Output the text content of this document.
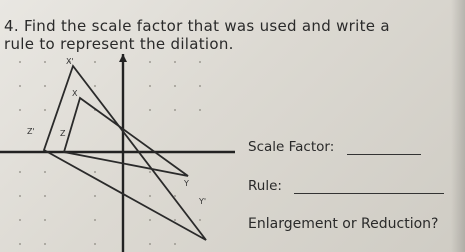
4. Find the scale factor that was used and write a
rule to represent the dilation.
X'
X
Z'	Z
Y
Y'
Scale Factor:
Rule:
Enlargement or Reduction?
